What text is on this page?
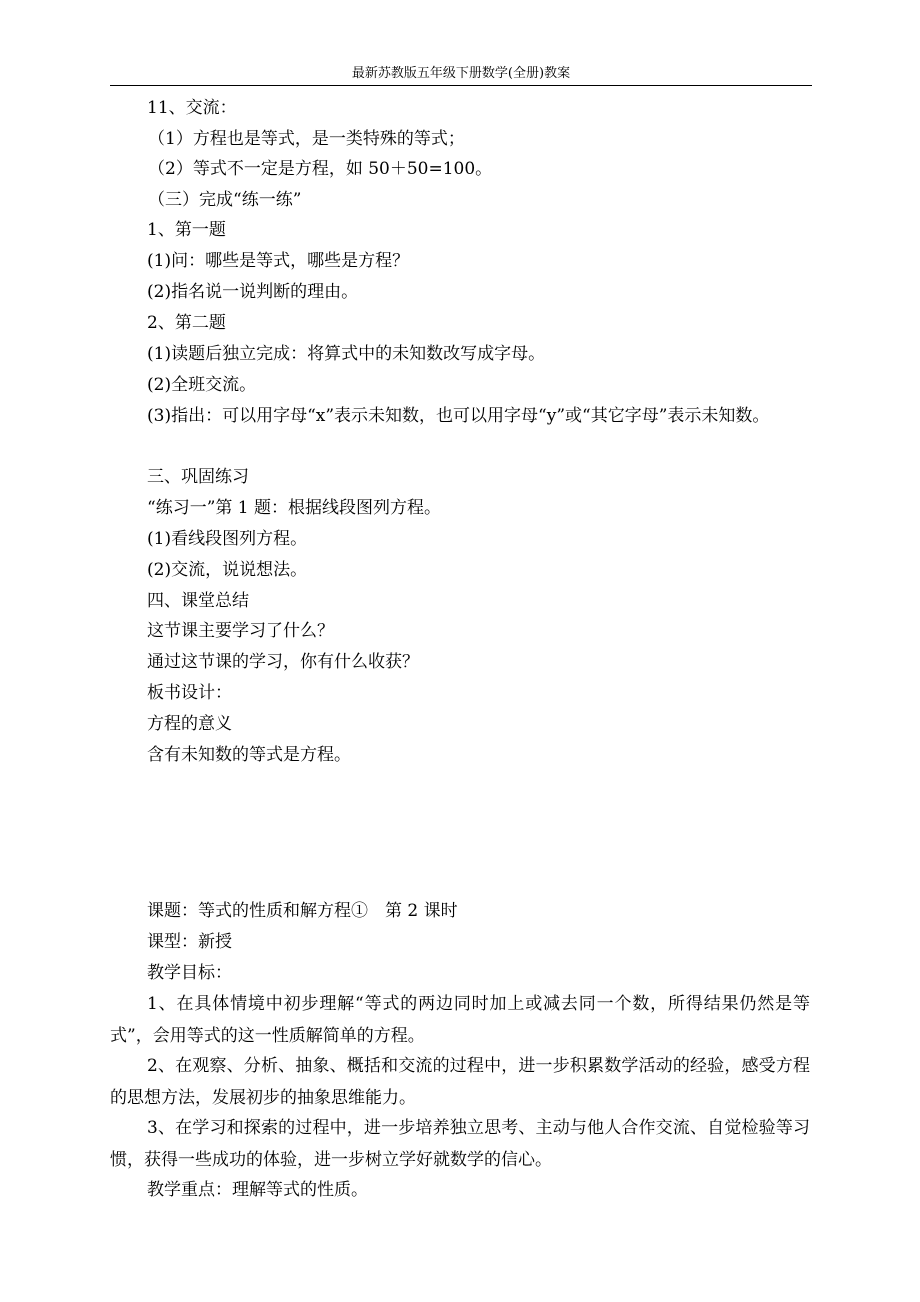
最新苏教版五年级下册数学(全册)教案
11、交流：
（1）方程也是等式，是一类特殊的等式；
（2）等式不一定是方程，如 50＋50=100。
（三）完成“练一练”
1、第一题
(1)问：哪些是等式，哪些是方程？
(2)指名说一说判断的理由。
2、第二题
(1)读题后独立完成：将算式中的未知数改写成字母。
(2)全班交流。
(3)指出：可以用字母“x”表示未知数，也可以用字母“y”或“其它字母”表示未知数。
三、巩固练习
“练习一”第 1 题：根据线段图列方程。
(1)看线段图列方程。
(2)交流，说说想法。
四、课堂总结
这节课主要学习了什么？
通过这节课的学习，你有什么收获？
板书设计：
方程的意义
含有未知数的等式是方程。
课题：等式的性质和解方程①　第 2 课时
课型：新授
教学目标：
1、在具体情境中初步理解“等式的两边同时加上或减去同一个数，所得结果仍然是等式”，会用等式的这一性质解简单的方程。
2、在观察、分析、抽象、概括和交流的过程中，进一步积累数学活动的经验，感受方程的思想方法，发展初步的抽象思维能力。
3、在学习和探索的过程中，进一步培养独立思考、主动与他人合作交流、自觉检验等习惯，获得一些成功的体验，进一步树立学好就数学的信心。
教学重点：理解等式的性质。
